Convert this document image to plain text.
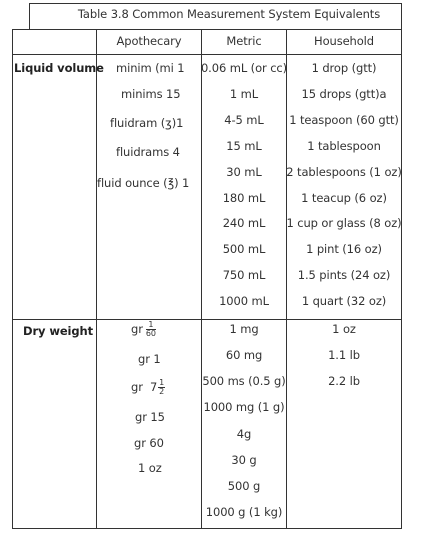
Table 3.8 Common Measurement System Equivalents
Apothecary	Metric	Household
Liquid volume
Dry weight
minim (mi 1
minims 15
fluidram (ʒ)1
fluidrams 4
fluid ounce (℥) 1
0.06 mL (or cc)
1 mL
4-5 mL
15 mL
30 mL
180 mL
240 mL
500 mL
750 mL
1000 mL
1 drop (gtt)
15 drops (gtt)a
1 teaspoon (60 gtt)
1 tablespoon
2 tablespoons (1 oz)
1 teacup (6 oz)
1 cup or glass (8 oz)
1 pint (16 oz)
1.5 pints (24 oz)
1 quart (32 oz)
gr $\frac{1}{60}$
gr 1
gr $7 \frac{1}{2}$
gr 15
gr 60
1 oz
1 mg
60 mg
500 ms (0.5 g)
1000 mg (1 g)
4g
30 g
500 g
1000 g (1 kg)
1 oz
1.1 lb
2.2 lb
